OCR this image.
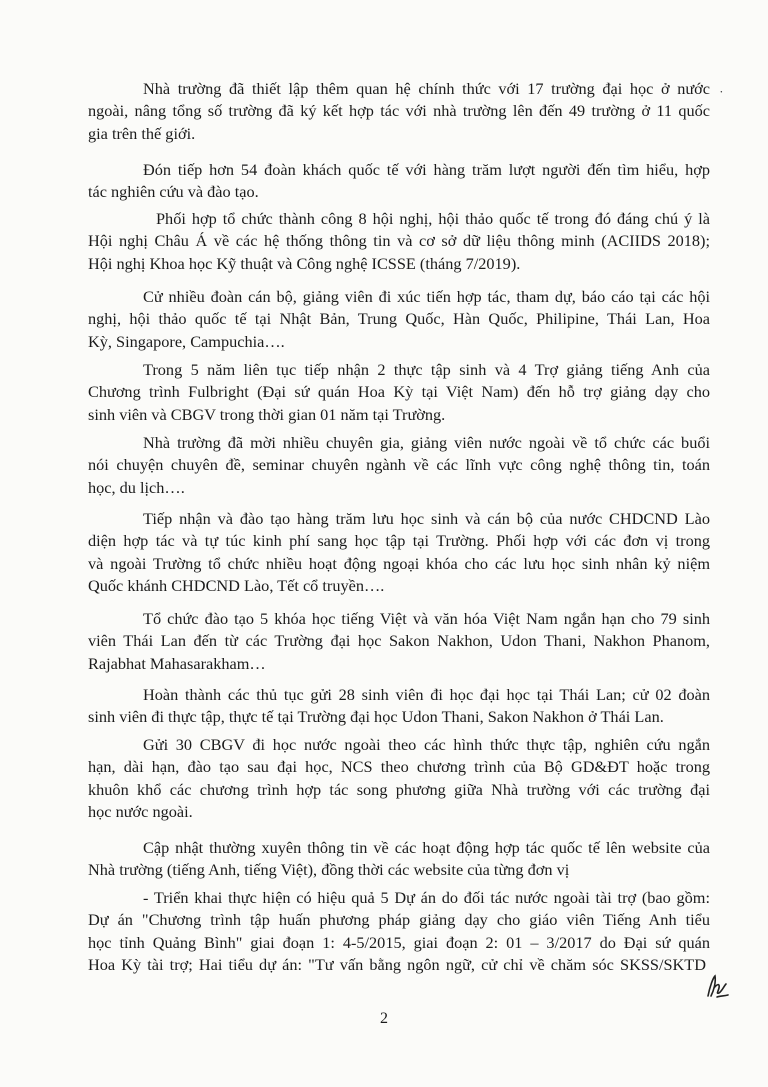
Nhà trường đã thiết lập thêm quan hệ chính thức với 17 trường đại học ở nước
ngoài, nâng tổng số trường đã ký kết hợp tác với nhà trường lên đến 49 trường ở 11 quốc
gia trên thế giới.

Đón tiếp hơn 54 đoàn khách quốc tế với hàng trăm lượt người đến tìm hiểu, hợp
tác nghiên cứu và đào tạo.

Phối hợp tổ chức thành công 8 hội nghị, hội thảo quốc tế trong đó đáng chú ý là
Hội nghị Châu Á về các hệ thống thông tin và cơ sở dữ liệu thông minh (ACIIDS 2018);
Hội nghị Khoa học Kỹ thuật và Công nghệ ICSSE (tháng 7/2019).

Cử nhiều đoàn cán bộ, giảng viên đi xúc tiến hợp tác, tham dự, báo cáo tại các hội
nghị, hội thảo quốc tế tại Nhật Bản, Trung Quốc, Hàn Quốc, Philipine, Thái Lan, Hoa
Kỳ, Singapore, Campuchia….

Trong 5 năm liên tục tiếp nhận 2 thực tập sinh và 4 Trợ giảng tiếng Anh của
Chương trình Fulbright (Đại sứ quán Hoa Kỳ tại Việt Nam) đến hỗ trợ giảng dạy cho
sinh viên và CBGV trong thời gian 01 năm tại Trường.

Nhà trường đã mời nhiều chuyên gia, giảng viên nước ngoài về tổ chức các buổi
nói chuyện chuyên đề, seminar chuyên ngành về các lĩnh vực công nghệ thông tin, toán
học, du lịch….

Tiếp nhận và đào tạo hàng trăm lưu học sinh và cán bộ của nước CHDCND Lào
diện hợp tác và tự túc kinh phí sang học tập tại Trường. Phối hợp với các đơn vị trong
và ngoài Trường tổ chức nhiều hoạt động ngoại khóa cho các lưu học sinh nhân kỷ niệm
Quốc khánh CHDCND Lào, Tết cổ truyền….

Tổ chức đào tạo 5 khóa học tiếng Việt và văn hóa Việt Nam ngắn hạn cho 79 sinh
viên Thái Lan đến từ các Trường đại học Sakon Nakhon, Udon Thani, Nakhon Phanom,
Rajabhat Mahasarakham…

Hoàn thành các thủ tục gửi 28 sinh viên đi học đại học tại Thái Lan; cử 02 đoàn
sinh viên đi thực tập, thực tế tại Trường đại học Udon Thani, Sakon Nakhon ở Thái Lan.

Gửi 30 CBGV đi học nước ngoài theo các hình thức thực tập, nghiên cứu ngắn
hạn, dài hạn, đào tạo sau đại học, NCS theo chương trình của Bộ GD&ĐT hoặc trong
khuôn khổ các chương trình hợp tác song phương giữa Nhà trường với các trường đại
học nước ngoài.

Cập nhật thường xuyên thông tin về các hoạt động hợp tác quốc tế lên website của
Nhà trường (tiếng Anh, tiếng Việt), đồng thời các website của từng đơn vị

- Triển khai thực hiện có hiệu quả 5 Dự án do đối tác nước ngoài tài trợ (bao gồm:
Dự án "Chương trình tập huấn phương pháp giảng dạy cho giáo viên Tiếng Anh tiểu
học tỉnh Quảng Bình" giai đoạn 1: 4-5/2015, giai đoạn 2: 01 – 3/2017 do Đại sứ quán
Hoa Kỳ tài trợ; Hai tiểu dự án: "Tư vấn bằng ngôn ngữ, cử chỉ về chăm sóc SKSS/SKTD

˙
2
